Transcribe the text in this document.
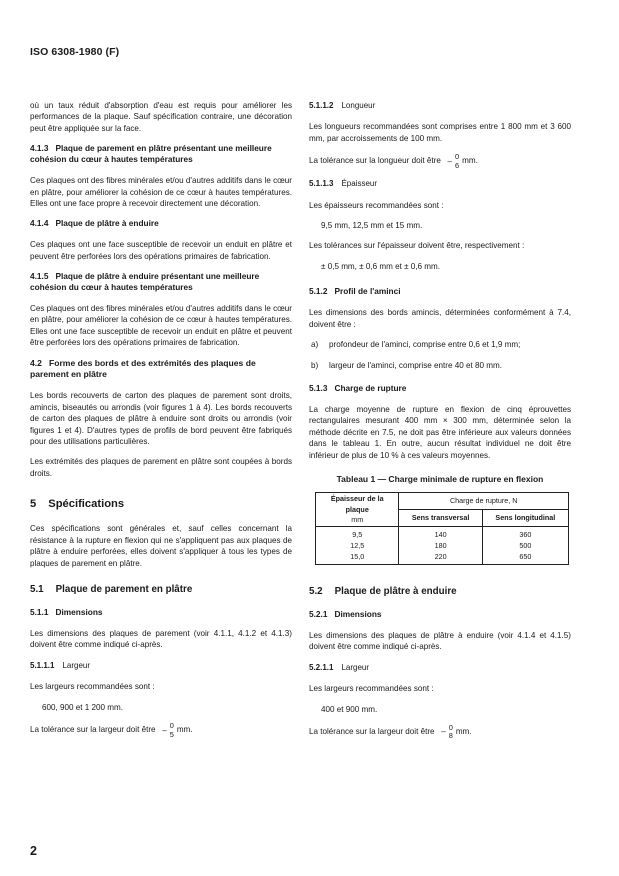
ISO 6308-1980 (F)

où un taux réduit d'absorption d'eau est requis pour améliorer les performances de la plaque. Sauf spécification contraire, une décoration peut être appliquée sur la face.

4.1.3 Plaque de parement en plâtre présentant une meilleure cohésion du cœur à hautes températures

Ces plaques ont des fibres minérales et/ou d'autres additifs dans le cœur en plâtre, pour améliorer la cohésion de ce cœur à hautes températures. Elles ont une face propre à recevoir directement une décoration.

4.1.4 Plaque de plâtre à enduire

Ces plaques ont une face susceptible de recevoir un enduit en plâtre et peuvent être perforées lors des opérations primaires de fabrication.

4.1.5 Plaque de plâtre à enduire présentant une meilleure cohésion du cœur à hautes températures

Ces plaques ont des fibres minérales et/ou d'autres additifs dans le cœur en plâtre, pour améliorer la cohésion de ce cœur à hautes températures. Elles ont une face susceptible de recevoir un enduit en plâtre et peuvent être perforées lors des opérations primaires de fabrication.

4.2 Forme des bords et des extrémités des plaques de parement en plâtre

Les bords recouverts de carton des plaques de parement sont droits, amincis, biseautés ou arrondis (voir figures 1 à 4). Les bords recouverts de carton des plaques de plâtre à enduire sont droits ou arrondis (voir figures 1 et 4). D'autres types de profils de bord peuvent être fabriqués pour des utilisations particulières.

Les extrémités des plaques de parement en plâtre sont coupées à bords droits.

5 Spécifications

Ces spécifications sont générales et, sauf celles concernant la résistance à la rupture en flexion qui ne s'appliquent pas aux plaques de plâtre à enduire perforées, elles doivent s'appliquer à tous les types de plaques de parement en plâtre.

5.1 Plaque de parement en plâtre
5.1.1 Dimensions

Les dimensions des plaques de parement (voir 4.1.1, 4.1.2 et 4.1.3) doivent être comme indiqué ci-après.

5.1.1.1 Largeur

Les largeurs recommandées sont :

600, 900 et 1 200 mm.

La tolérance sur la largeur doit être – 0
5 mm.

5.1.1.2 Longueur

Les longueurs recommandées sont comprises entre 1 800 mm et 3 600 mm, par accroissements de 100 mm.

La tolérance sur la longueur doit être – 0
6 mm.

5.1.1.3 Épaisseur

Les épaisseurs recommandées sont :

9,5 mm, 12,5 mm et 15 mm.

Les tolérances sur l'épaisseur doivent être, respectivement :

± 0,5 mm, ± 0,6 mm et ± 0,6 mm.

5.1.2 Profil de l'aminci

Les dimensions des bords amincis, déterminées conformément à 7.4, doivent être :

a)	profondeur de l'aminci, comprise entre 0,6 et 1,9 mm;
b)	largeur de l'aminci, comprise entre 40 et 80 mm.
5.1.3 Charge de rupture

La charge moyenne de rupture en flexion de cinq éprouvettes rectangulaires mesurant 400 mm × 300 mm, déterminée selon la méthode décrite en 7.5, ne doit pas être inférieure aux valeurs données dans le tableau 1. En outre, aucun résultat individuel ne doit être inférieur de plus de 10 % à ces valeurs moyennes.

Tableau 1 — Charge minimale de rupture en flexion
Épaisseur de la plaque
mm	Charge de rupture, N	
	Sens transversal	Sens longitudinal
9,5	140	360
12,5	180	500
15,0	220	650
5.2 Plaque de plâtre à enduire
5.2.1 Dimensions

Les dimensions des plaques de plâtre à enduire (voir 4.1.4 et 4.1.5) doivent être comme indiqué ci-après.

5.2.1.1 Largeur

Les largeurs recommandées sont :

400 et 900 mm.

La tolérance sur la largeur doit être – 0
8 mm.

2
